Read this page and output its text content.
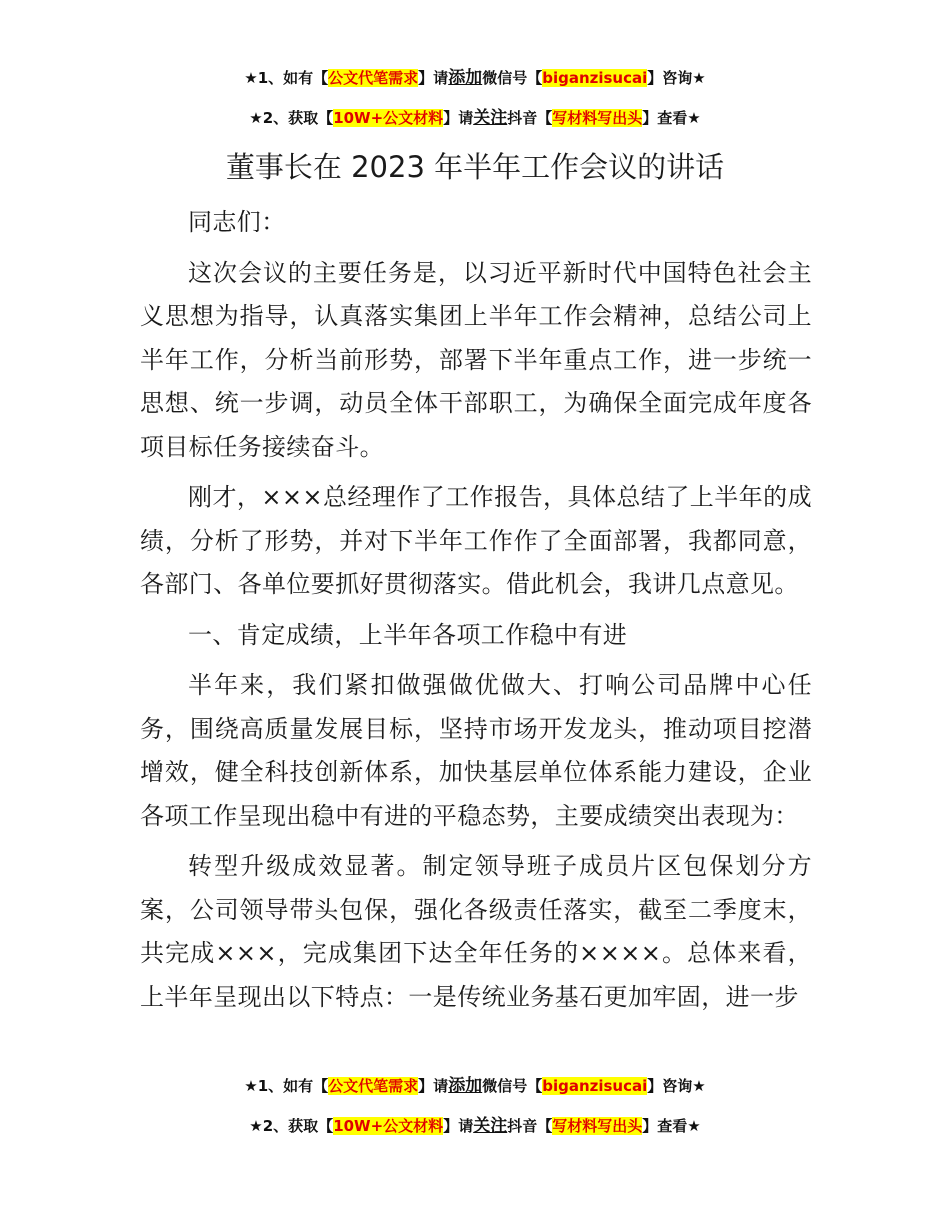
★1、如有【公文代笔需求】请添加微信号【biganzisucai】咨询★
★2、获取【10W+公文材料】请关注抖音【写材料写出头】查看★
董事长在 2023 年半年工作会议的讲话

同志们：

这次会议的主要任务是，以习近平新时代中国特色社会主义思想为指导，认真落实集团上半年工作会精神，总结公司上半年工作，分析当前形势，部署下半年重点工作，进一步统一思想、统一步调，动员全体干部职工，为确保全面完成年度各项目标任务接续奋斗。

刚才，×××总经理作了工作报告，具体总结了上半年的成绩，分析了形势，并对下半年工作作了全面部署，我都同意，各部门、各单位要抓好贯彻落实。借此机会，我讲几点意见。

一、肯定成绩，上半年各项工作稳中有进

半年来，我们紧扣做强做优做大、打响公司品牌中心任务，围绕高质量发展目标，坚持市场开发龙头，推动项目挖潜增效，健全科技创新体系，加快基层单位体系能力建设，企业各项工作呈现出稳中有进的平稳态势，主要成绩突出表现为：

转型升级成效显著。制定领导班子成员片区包保划分方案，公司领导带头包保，强化各级责任落实，截至二季度末，共完成×××，完成集团下达全年任务的××××。总体来看，上半年呈现出以下特点：一是传统业务基石更加牢固，进一步

★1、如有【公文代笔需求】请添加微信号【biganzisucai】咨询★
★2、获取【10W+公文材料】请关注抖音【写材料写出头】查看★
